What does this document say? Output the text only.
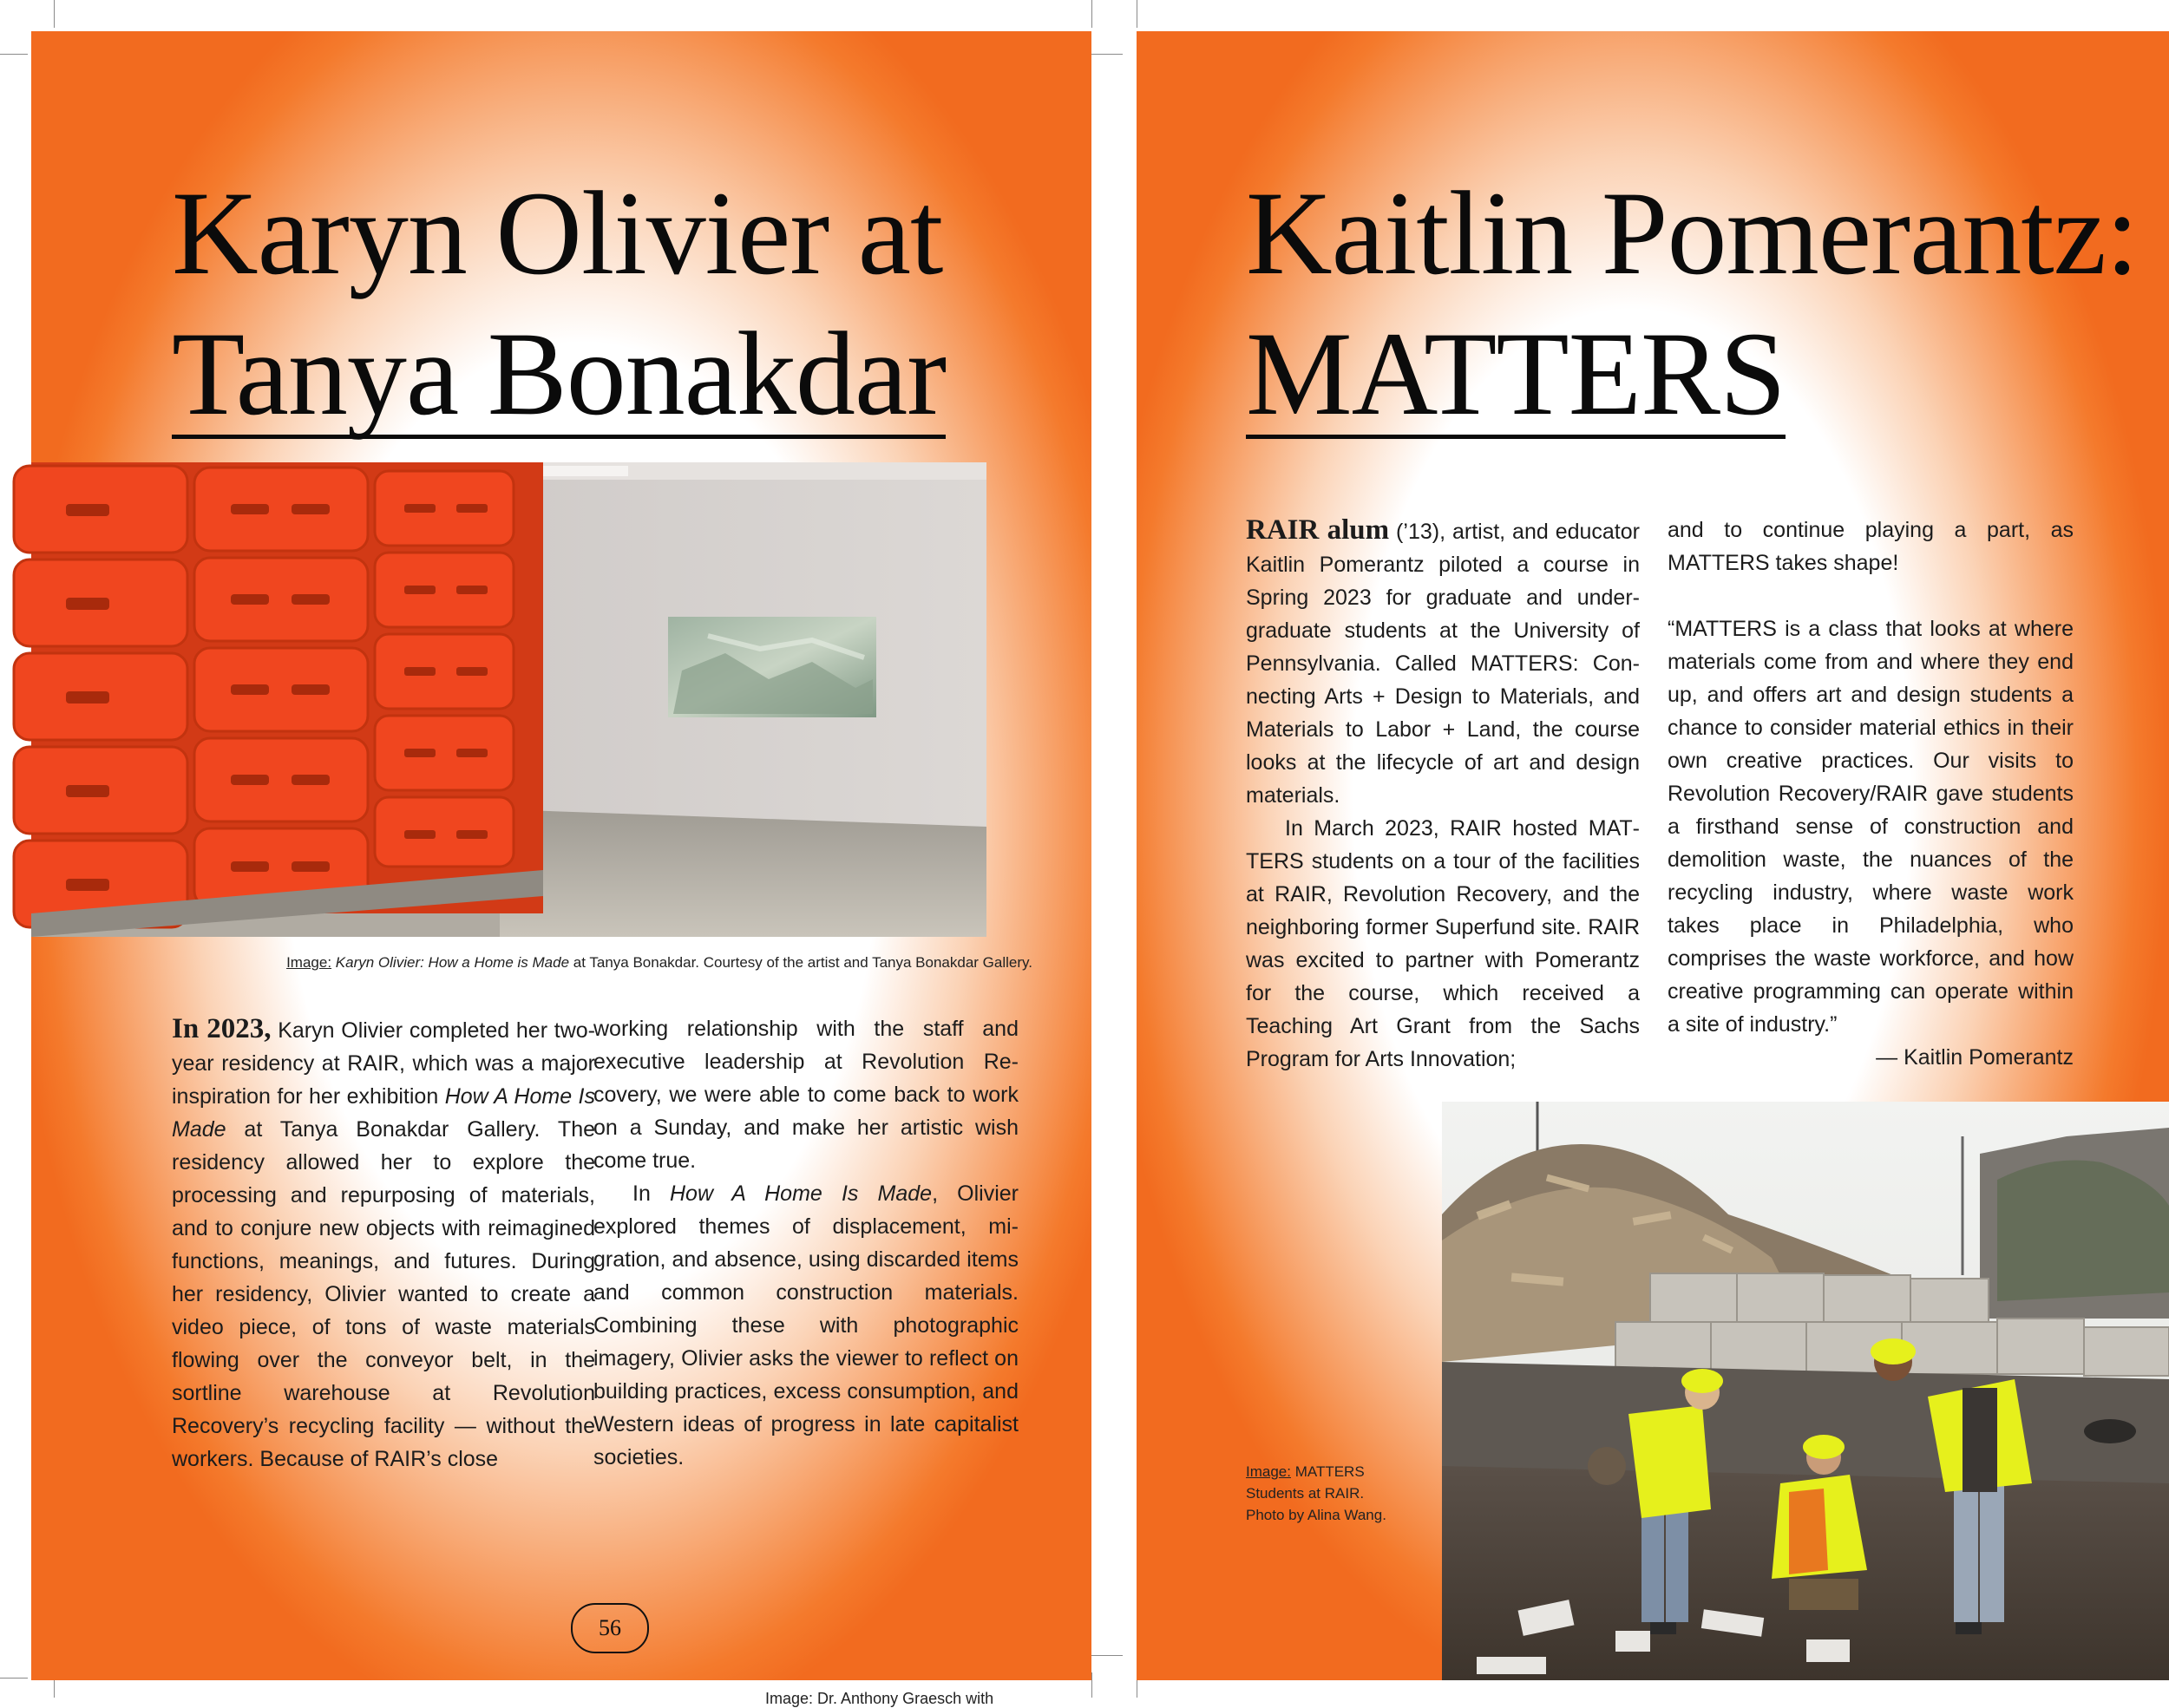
Karyn Olivier at
Tanya Bonakdar
Image: Karyn Olivier: How a Home is Made at Tanya Bonakdar. Courtesy of the artist and Tanya Bonakdar Gallery.

In 2023, Karyn Olivier completed her two-year residency at RAIR, which was a major inspiration for her exhibition How A Home Is Made at Tanya Bonakdar Gallery. The residency allowed her to explore the processing and repurposing of materials, and to conjure new objects with reimagined functions, meanings, and futures. During her residency, Olivier wanted to create a video piece, of tons of waste materials flowing over the conveyor belt, in the sortline warehouse at Revolution Recovery’s recycling facility — without the workers. Because of RAIR’s close

working relationship with the staff and executive leadership at Revolution Recovery, we were able to come back to work on a Sunday, and make her artistic wish come true.

In How A Home Is Made, Olivier explored themes of displacement, migration, and absence, using discarded items and common construction materials. Combining these with photographic imagery, Olivier asks the viewer to reflect on building practices, excess consumption, and Western ideas of progress in late capitalist societies.

56
Image: Dr. Anthony Graesch with
Kaitlin Pomerantz:
MATTERS

RAIR alum (’13), artist, and educator Kaitlin Pomerantz piloted a course in Spring 2023 for graduate and undergraduate students at the University of Pennsylvania. Called MATTERS: Connecting Arts + Design to Materials, and Materials to Labor + Land, the course looks at the lifecycle of art and design materials.

In March 2023, RAIR hosted MATTERS students on a tour of the facilities at RAIR, Revolution Recovery, and the neighboring former Superfund site. RAIR was excited to partner with Pomerantz for the course, which received a Teaching Art Grant from the Sachs Program for Arts Innovation;

and to continue playing a part, as MATTERS takes shape!

“MATTERS is a class that looks at where materials come from and where they end up, and offers art and design students a chance to consider material ethics in their own creative practices. Our visits to Revolution Recovery/RAIR gave students a firsthand sense of construction and demolition waste, the nuances of the recycling industry, where waste work takes place in Philadelphia, who comprises the waste workforce, and how creative programming can operate within a site of industry.”

— Kaitlin Pomerantz

Image: MATTERS
Students at RAIR.
Photo by Alina Wang.
